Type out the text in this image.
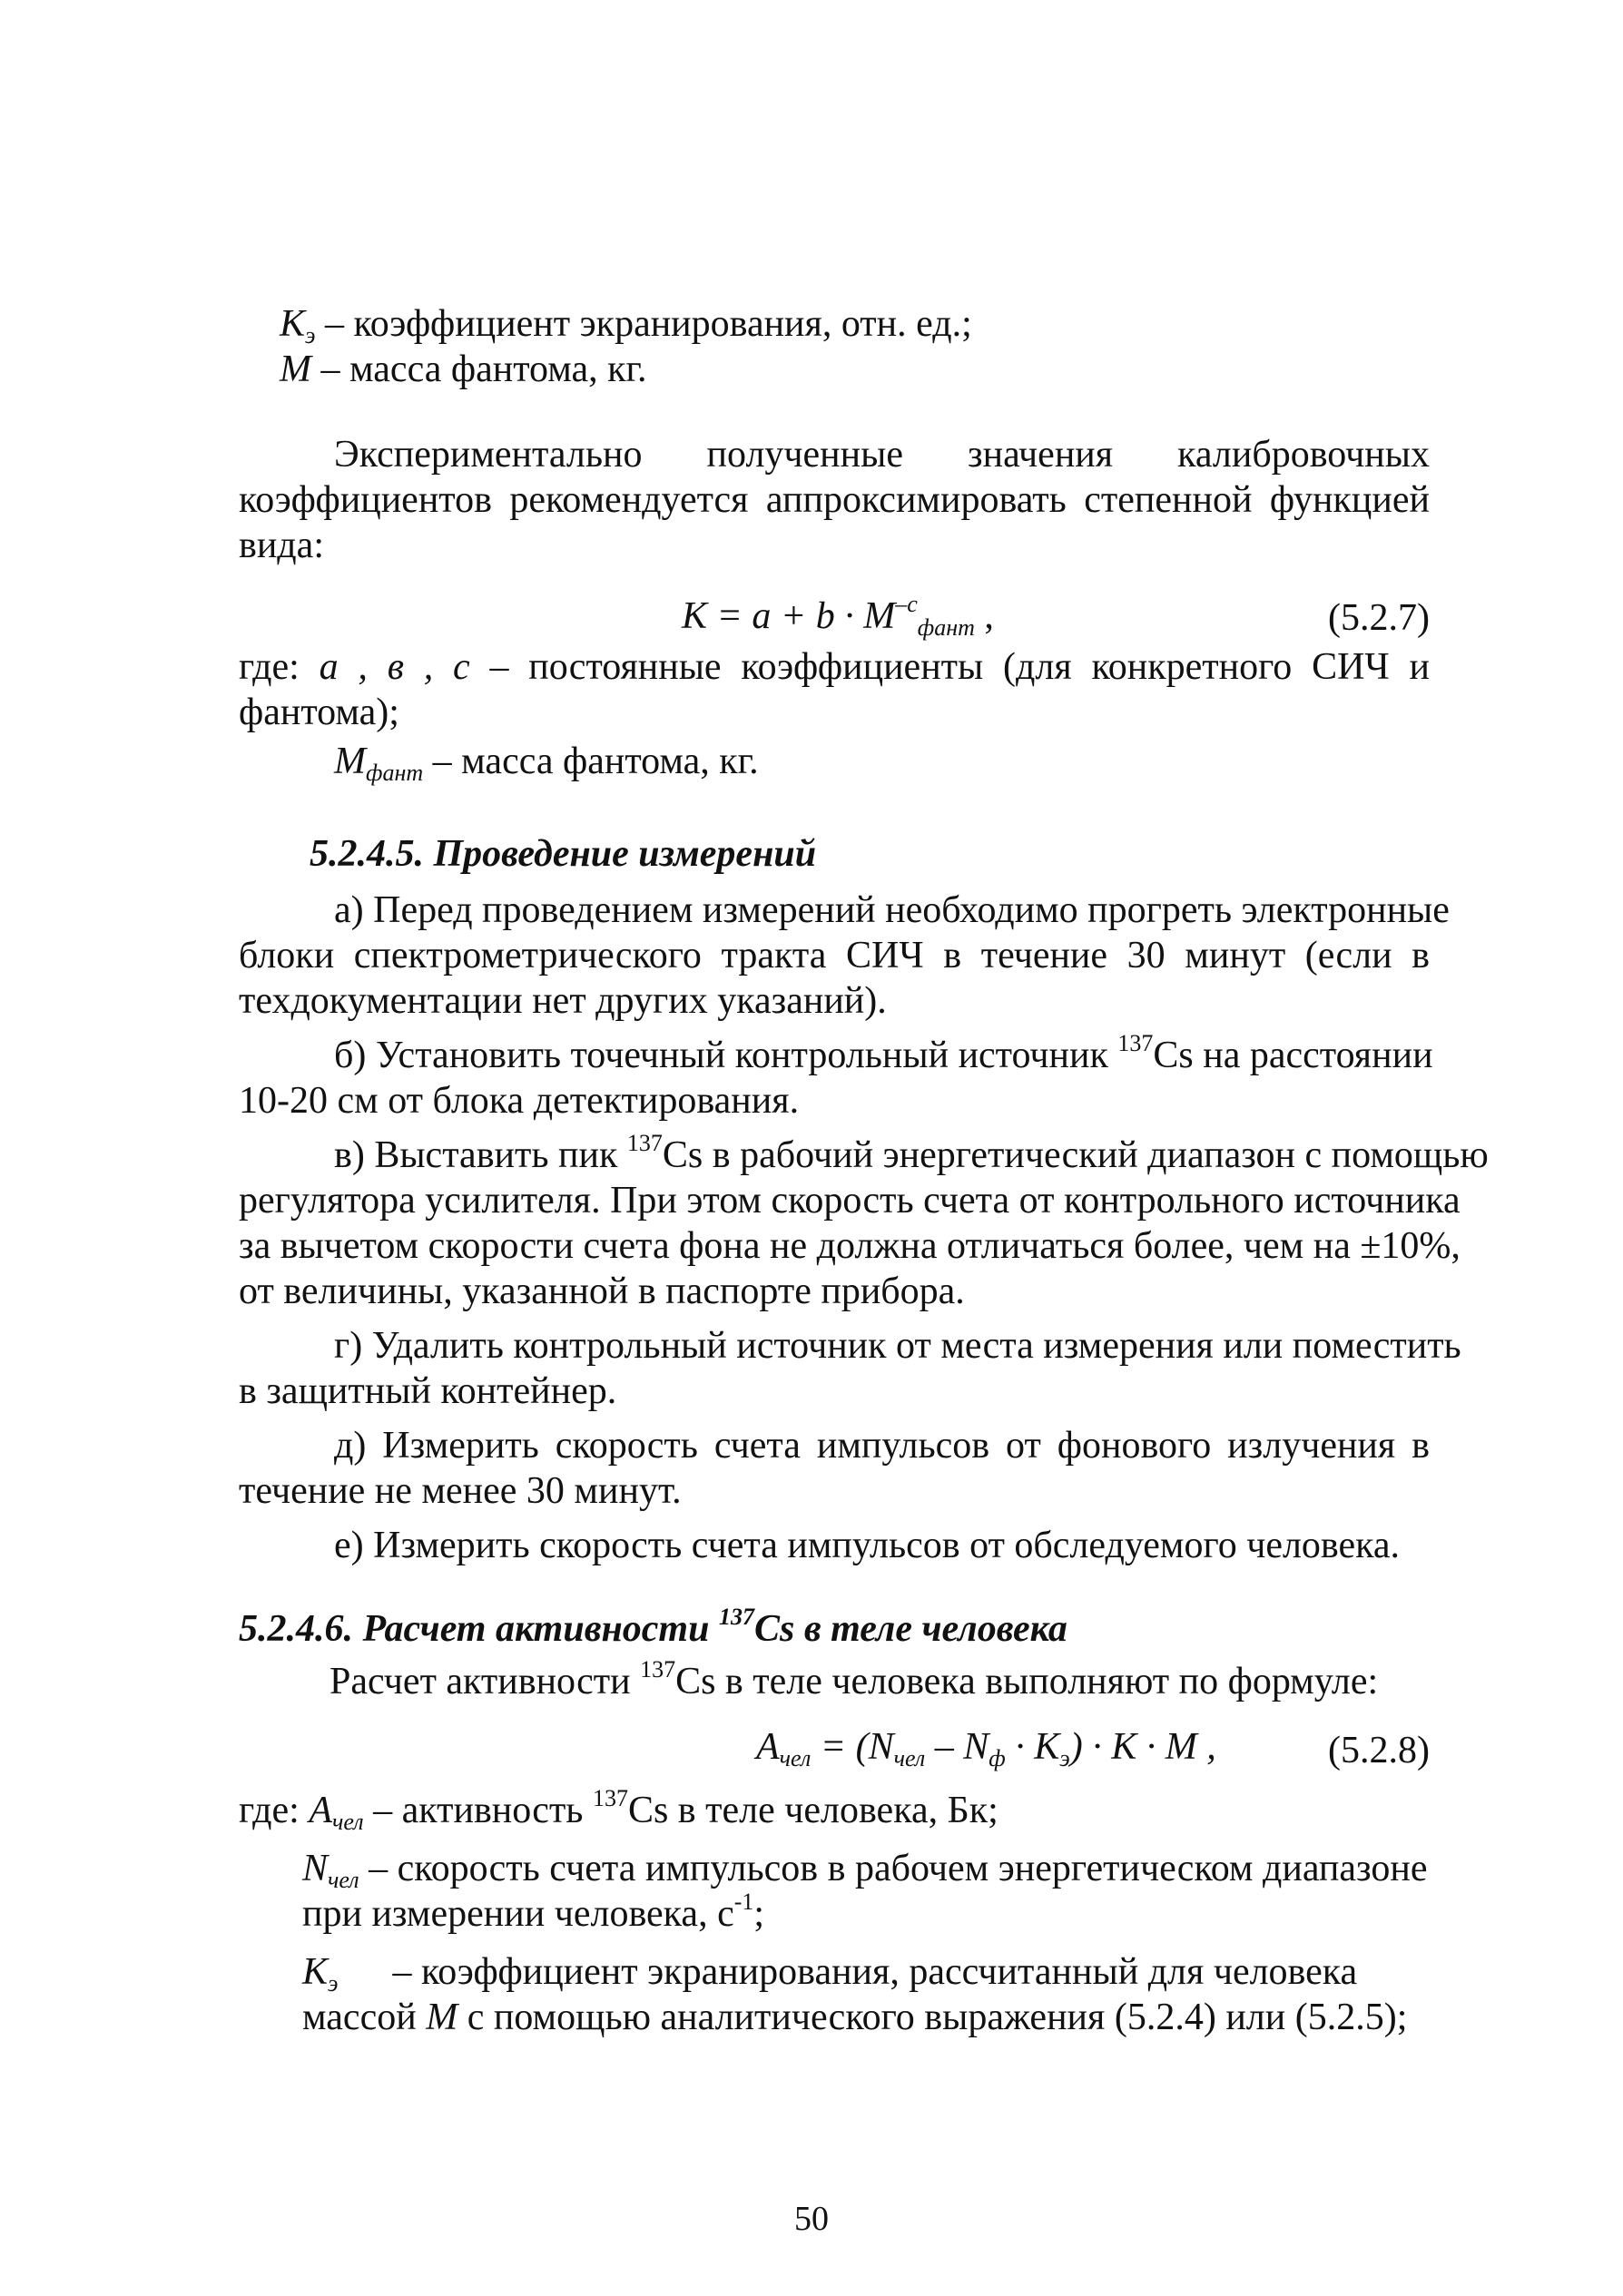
$K_э$ – коэффициент экранирования, отн. ед.;
M – масса фантома, кг.
Экспериментально полученные значения калибровочных
коэффициентов рекомендуется аппроксимировать степенной функцией
вида:
$K = a + b \cdot M^{-c}_{фант}$ ,	(5.2.7)
где: a , в , c – постоянные коэффициенты (для конкретного СИЧ и
фантома);
$M_{фант}$ – масса фантома, кг.
5.2.4.5. Проведение измерений
а) Перед проведением измерений необходимо прогреть электронные
блоки спектрометрического тракта СИЧ в течение 30 минут (если в
техдокументации нет других указаний).
б) Установить точечный контрольный источник $^{137}$Cs на расстоянии
10-20 см от блока детектирования.
в) Выставить пик $^{137}$Cs в рабочий энергетический диапазон с помощью
регулятора усилителя. При этом скорость счета от контрольного источника
за вычетом скорости счета фона не должна отличаться более, чем на ±10%,
от величины, указанной в паспорте прибора.
г) Удалить контрольный источник от места измерения или поместить
в защитный контейнер.
д) Измерить скорость счета импульсов от фонового излучения в
течение не менее 30 минут.
е) Измерить скорость счета импульсов от обследуемого человека.
5.2.4.6. Расчет активности $^{137}$Cs в теле человека
Расчет активности $^{137}$Cs в теле человека выполняют по формуле:
$A_{чел} = (N_{чел} - N_ф \cdot K_э) \cdot K \cdot M$ ,	(5.2.8)
где: $A_{чел}$ – активность $^{137}$Cs в теле человека, Бк;
$N_{чел}$ – скорость счета импульсов в рабочем энергетическом диапазоне
при измерении человека, $с^{-1}$;
$K_э$ – коэффициент экранирования, рассчитанный для человека
массой M с помощью аналитического выражения (5.2.4) или (5.2.5);
50
